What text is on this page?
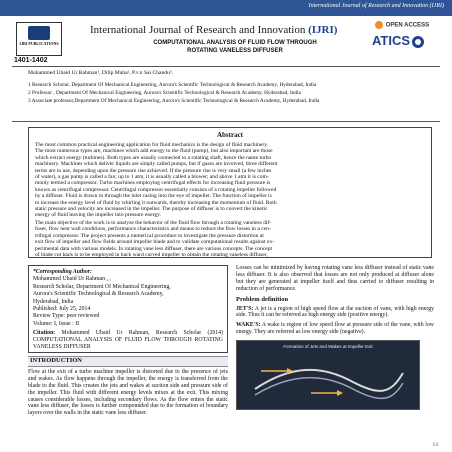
International Journal of Research and Innovation (IJRI)
IJRI PUBLICATIONS
1401-1402
International Journal of Research and Innovation (IJRI)
COMPUTATIONAL ANALYSIS OF FLUID FLOW THROUGH
ROTATING VANELESS DIFFUSER
OPEN ACCESS
ATICS
Mohammed Ubaid Ur Rahman¹, Dilip Maha², P.v.n Sai Chandu³.
1 Research Scholar, Department Of Mechanical Engineering, Aurora's Scientific Technological & Research Academy, Hyderabad, India
2 Professor , Department Of Mechanical Engineering, Aurora's Scientific Technological & Research Academy, Hyderabad, India
3 Associate professor,Department Of Mechanical Engineering, Aurora's Scientific Technological & Research Academy, Hyderabad, India
Abstract
The most common practical engineering application for fluid mechanics is the design of fluid machinery.
The most numerous types are, machines which add energy to the fluid (pump), but also important are those
which extract energy (turbines). Both types are usually connected to a rotating shaft, hence the name turbo
machinery. Machines which deliver liquids are simply called pumps, but if gases are involved, three different
terms are in use, depending upon the pressure rise achieved. If the pressure rise is very small (a few inches
of water), a gas pump is called a fan; up to 1 atm, it is usually called a blower; and above 1 atm it is com-
monly termed a compressor. Turbo machines employing centrifugal effects for increasing fluid pressure is
known as centrifugal compressor. Centrifugal compressor essentially consists of a rotating impeller followed
by a diffuser. Fluid is drawn in through the inlet casing into the eye of impeller. The function of impeller is
to increase the energy level of fluid by whirling it outwards, thereby increasing the momentum of fluid. Both
static pressure and velocity are increased in the impeller. The purpose of diffuser is to convert the kinetic
energy of fluid leaving the impeller into pressure energy.
The main objective of the work is to analyze the behavior of the fluid flow through a rotating vaneless dif-
fuser, flow near wall conditions, performance characteristics and means to reduce the flow losses in a cen-
trifugal compressor. The project presents a numerical procedure to investigate the pressure distortion at
exit flow of impeller and flow fields around impeller blade and to validate computational results against ex-
perimental data with various models. In rotating vane less diffuser, there are various concepts. The concept
of blade cut back is to be employed in back ward curved impeller to obtain the rotating vaneless diffuser,

*Corresponding Author:

Mohammed Ubaid Ur Rahman , ,

Research Scholar, Department Of Mechanical Engineering,

Aurora's Scientific Technological & Research Academy,

Hyderabad, India

Published: July 25, 2014

Review Type: peer reviewed

Volume: I, Issue : II

Citation: Mohammed Ubaid Ur Rahman, Research Scholar (2014) COMPUTATIONAL ANALYSIS OF FLUID FLOW THROUGH ROTATING VANELESS DIFFUSER

INTRODUCTION

Flow at the exit of a turbo machine impeller is distorted due to the presence of jets and wakes. As flow happens through the impeller, the energy is transferred from the blade to the fluid. This creates the jets and wakes at suction side and pressure side of the impeller. This fluid with different energy levels mixes at the exit. This mixing causes considerable losses, including secondary flows. As the flow enters the static vane less diffuser, the losses is further compounded due to the formation of boundary layers over the walls in the static vane less diffuser.

Losses can be minimized by having rotating vane less diffuser instead of static vane less diffuser. It is also observed that losses are not only produced at diffuser alone but they are generated at impeller itself and thus carried to diffuser resulting in reduction of performance.

Problem definition

JET'S: A jet is a region of high speed flow at the suction of vane, with high energy side. Thus it can be referred as high energy side (positive energy).

WAKE'S: A wake is region of low speed flow at pressure side of the vane, with low energy. They are referred as low energy side (negative).

Formation of Jets and Wakes at Impeller Exit
13
